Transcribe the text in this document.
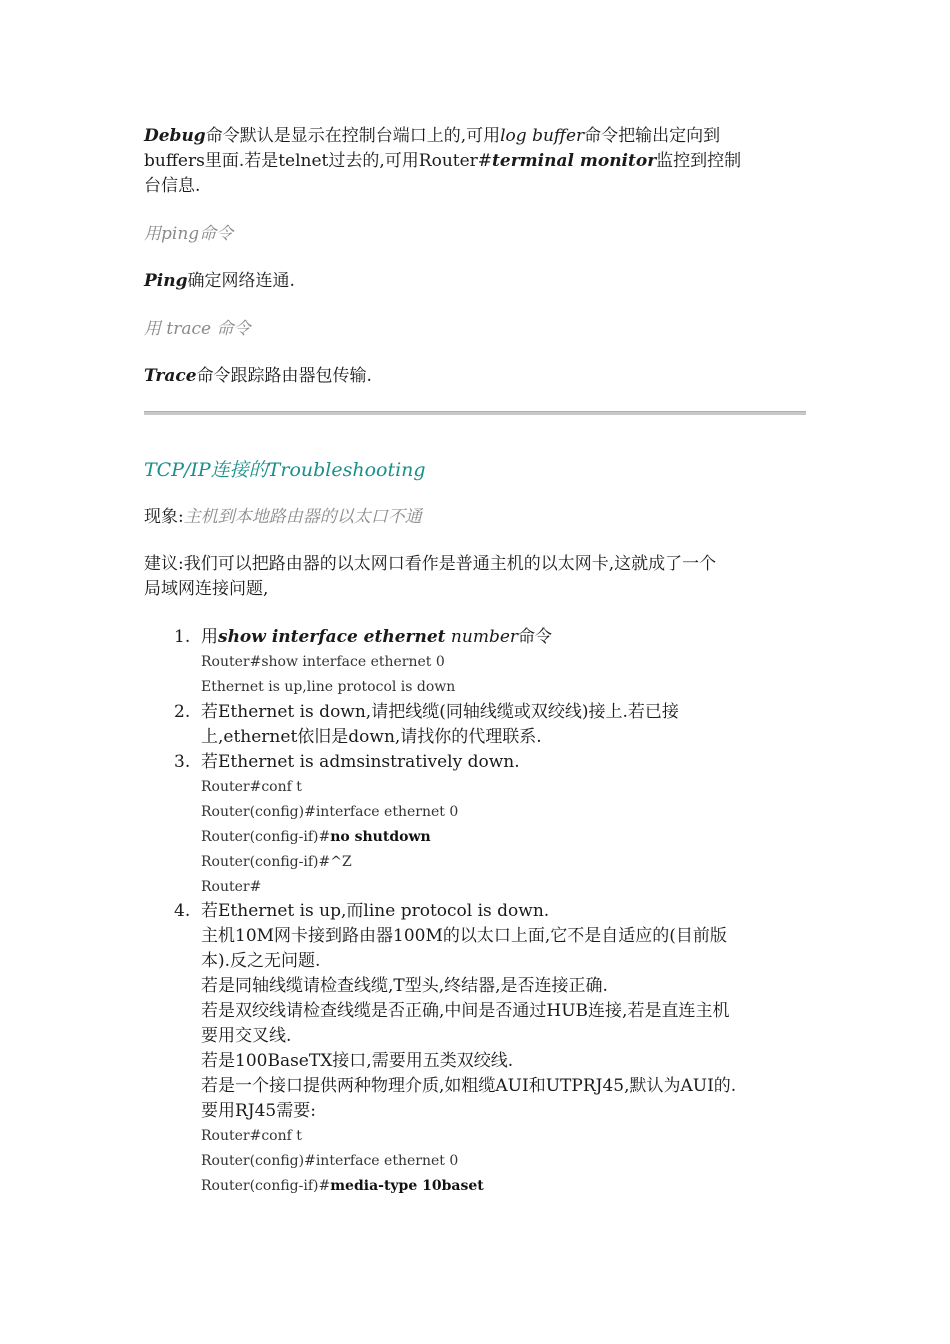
Debug命令默认是显示在控制台端口上的,可用log buffer命令把输出定向到

buffers里面.若是telnet过去的,可用Router#terminal monitor监控到控制

台信息.

用ping命令

Ping确定网络连通.

用 trace 命令

Trace命令跟踪路由器包传输.

TCP/IP连接的Troubleshooting

现象:主机到本地路由器的以太口不通

建议:我们可以把路由器的以太网口看作是普通主机的以太网卡,这就成了一个

局域网连接问题,

1. 用show interface ethernet number命令

Router#show interface ethernet 0

Ethernet is up,line protocol is down

2. 若Ethernet is down,请把线缆(同轴线缆或双绞线)接上.若已接

上,ethernet依旧是down,请找你的代理联系.

3. 若Ethernet is admsinstratively down.

Router#conf t

Router(config)#interface ethernet 0

Router(config-if)#no shutdown

Router(config-if)#^Z

Router#

4. 若Ethernet is up,而line protocol is down.

主机10M网卡接到路由器100M的以太口上面,它不是自适应的(目前版

本).反之无问题.

若是同轴线缆请检查线缆,T型头,终结器,是否连接正确.

若是双绞线请检查线缆是否正确,中间是否通过HUB连接,若是直连主机

要用交叉线.

若是100BaseTX接口,需要用五类双绞线.

若是一个接口提供两种物理介质,如粗缆AUI和UTPRJ45,默认为AUI的.

要用RJ45需要:

Router#conf t

Router(config)#interface ethernet 0

Router(config-if)#media-type 10baset
